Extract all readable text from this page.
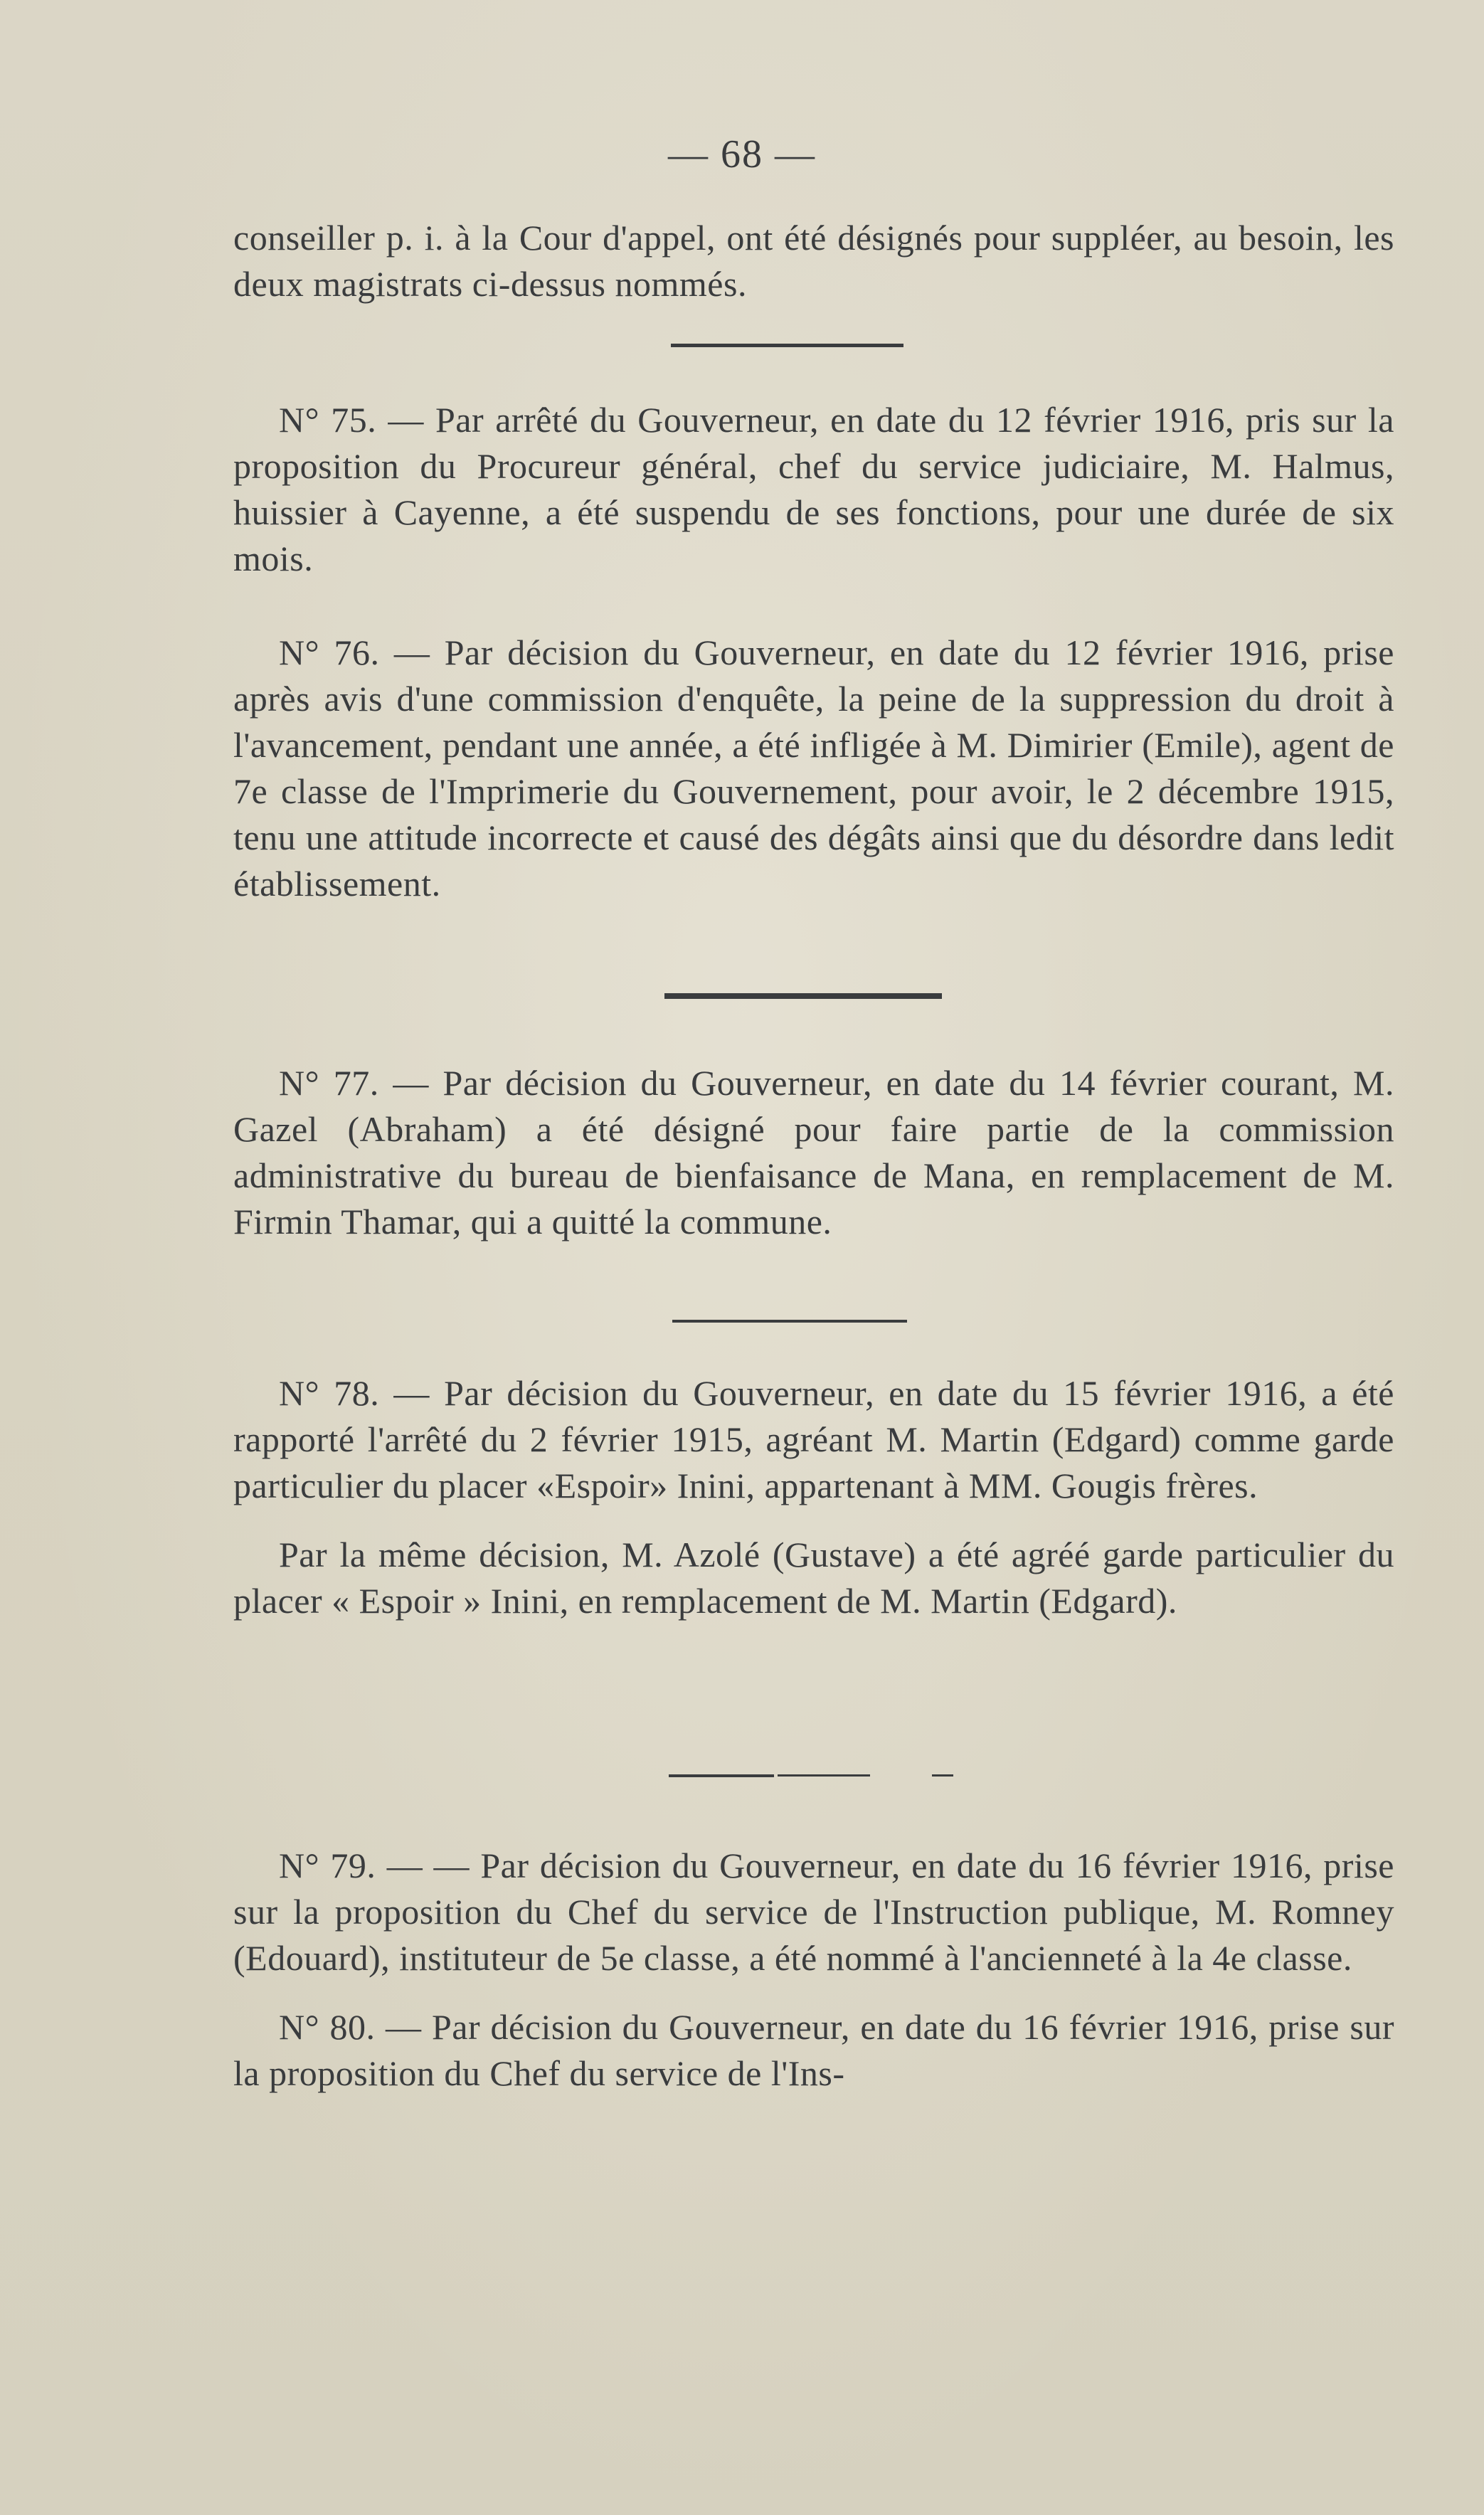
— 68 —

conseiller p. i. à la Cour d'appel, ont été désignés pour suppléer, au besoin, les deux magistrats ci-dessus nommés.

N° 75. — Par arrêté du Gouverneur, en date du 12 février 1916, pris sur la proposition du Procureur général, chef du service judiciaire, M. Halmus, huissier à Cayenne, a été suspendu de ses fonctions, pour une durée de six mois.

N° 76. — Par décision du Gouverneur, en date du 12 février 1916, prise après avis d'une commission d'enquête, la peine de la suppression du droit à l'avancement, pendant une année, a été infligée à M. Dimirier (Emile), agent de 7e classe de l'Imprimerie du Gouvernement, pour avoir, le 2 décembre 1915, tenu une attitude incorrecte et causé des dégâts ainsi que du désordre dans ledit établissement.

N° 77. — Par décision du Gouverneur, en date du 14 février courant, M. Gazel (Abraham) a été désigné pour faire partie de la commission administrative du bureau de bienfaisance de Mana, en remplacement de M. Firmin Thamar, qui a quitté la commune.

N° 78. — Par décision du Gouverneur, en date du 15 février 1916, a été rapporté l'arrêté du 2 février 1915, agréant M. Martin (Edgard) comme garde particulier du placer «Espoir» Inini, appartenant à MM. Gougis frères.

Par la même décision, M. Azolé (Gustave) a été agréé garde particulier du placer « Espoir » Inini, en remplacement de M. Martin (Edgard).

N° 79. — — Par décision du Gouverneur, en date du 16 février 1916, prise sur la proposition du Chef du service de l'Instruction publique, M. Romney (Edouard), instituteur de 5e classe, a été nommé à l'ancienneté à la 4e classe.

N° 80. — Par décision du Gouverneur, en date du 16 février 1916, prise sur la proposition du Chef du service de l'Ins-
